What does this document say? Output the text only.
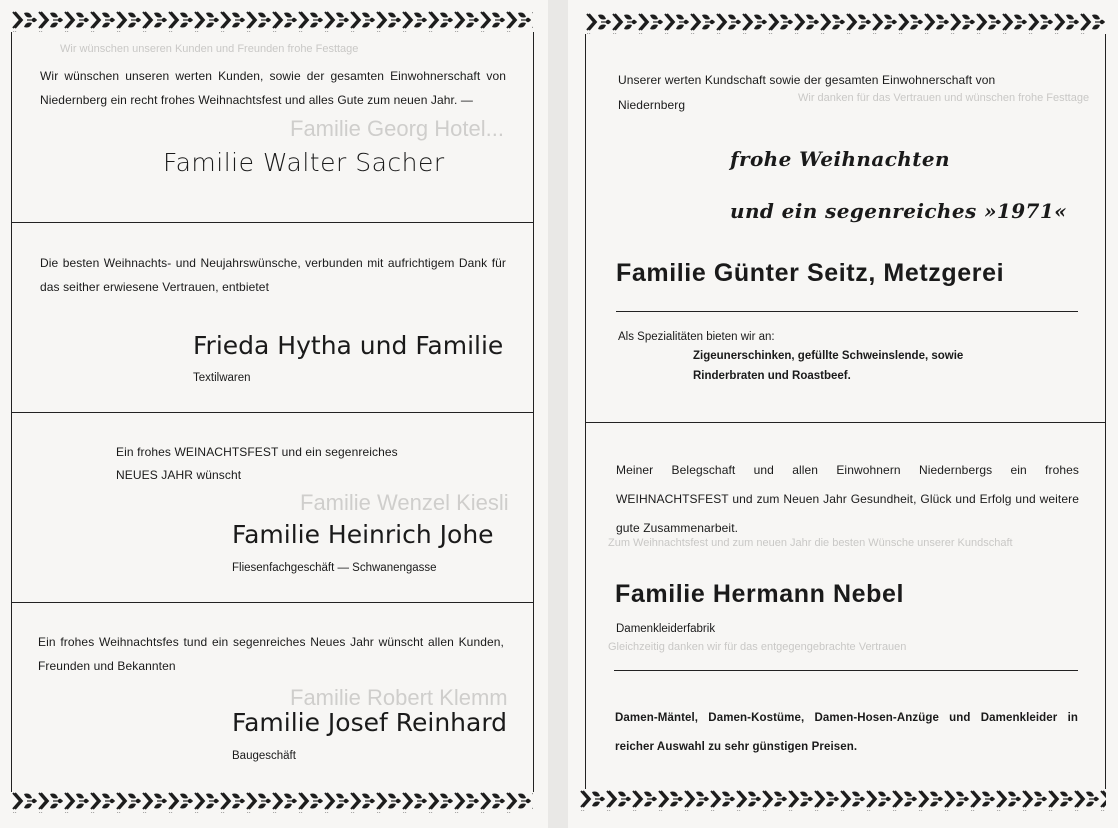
Wir wünschen unseren Kunden und Freunden frohe Festtage
Familie Georg Hotel...
Familie Wenzel Kiesli
Familie Robert Klemm
Wir wünschen unseren werten Kunden, sowie der gesamten Einwohnerschaft von Niedernberg ein recht frohes Weihnachtsfest und alles Gute zum neuen Jahr. —
Familie Walter Sacher
Die besten Weihnachts- und Neujahrswünsche, verbunden mit aufrichtigem Dank für das seither erwiesene Vertrauen, entbietet
Frieda Hytha und Familie
Textilwaren
Ein frohes WEINACHTSFEST und ein segenreiches
NEUES JAHR wünscht
Familie Heinrich Johe
Fliesenfachgeschäft — Schwanengasse
Ein frohes Weihnachtsfes tund ein segenreiches Neues Jahr wünscht allen Kunden, Freunden und Bekannten
Familie Josef Reinhard
Baugeschäft
Wir danken für das Vertrauen und wünschen frohe Festtage
Zum Weihnachtsfest und zum neuen Jahr die besten Wünsche unserer Kundschaft
Gleichzeitig danken wir für das entgegengebrachte Vertrauen
Unserer werten Kundschaft sowie der gesamten Einwohnerschaft von Niedernberg
frohe Weihnachten
und ein segenreiches »1971«
Familie Günter Seitz, Metzgerei
Als Spezialitäten bieten wir an:
Zigeunerschinken, gefüllte Schweinslende, sowie
Rinderbraten und Roastbeef.
Meiner Belegschaft und allen Einwohnern Niedernbergs ein frohes WEIHNACHTSFEST und zum Neuen Jahr Gesundheit, Glück und Erfolg und weitere gute Zusammenarbeit.
Familie Hermann Nebel
Damenkleiderfabrik
Damen-Mäntel, Damen-Kostüme, Damen-Hosen-Anzüge und Damenkleider in reicher Auswahl zu sehr günstigen Preisen.
